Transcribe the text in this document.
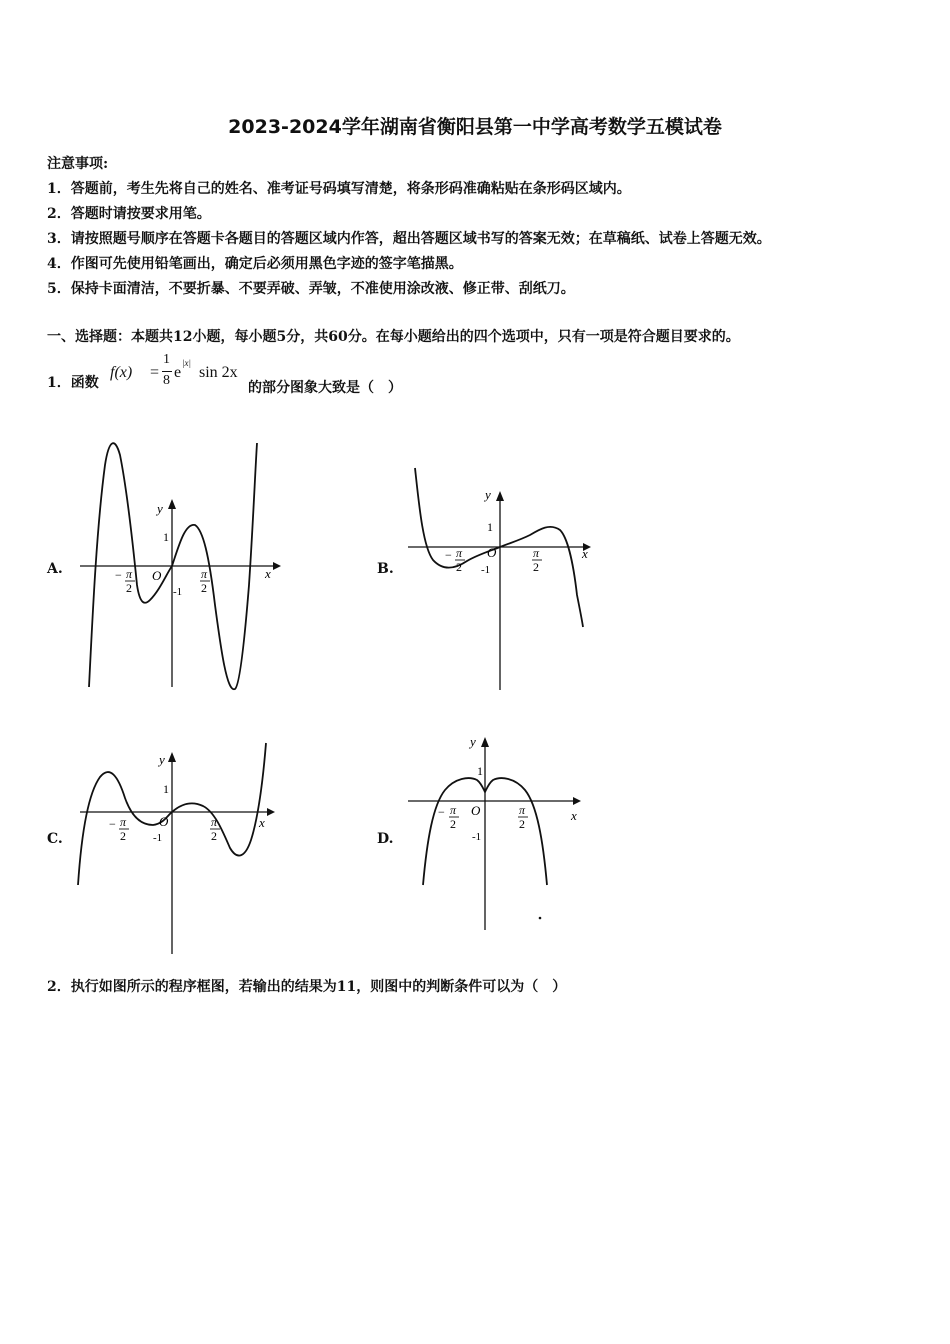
2023-2024学年湖南省衡阳县第一中学高考数学五模试卷
注意事项:
1．答题前，考生先将自己的姓名、准考证号码填写清楚，将条形码准确粘贴在条形码区域内。
2．答题时请按要求用笔。
3．请按照题号顺序在答题卡各题目的答题区域内作答，超出答题区域书写的答案无效；在草稿纸、试卷上答题无效。
4．作图可先使用铅笔画出，确定后必须用黑色字迹的签字笔描黑。
5．保持卡面清洁，不要折暴、不要弄破、弄皱，不准使用涂改液、修正带、刮纸刀。
一、选择题：本题共12小题，每小题5分，共60分。在每小题给出的四个选项中，只有一项是符合题目要求的。
1．函数
f(x) =
1
8 e
|x|
sin 2x
的部分图象大致是（　）
A.
y
x
O
1
-1
− π
2
π
2
B.
y
x
O
1
-1
− π
2
π
2
C.
y
x
O
1
-1
− π
2
π
2	D.
y
x
O
1
-1
− π
2
π
2
2．执行如图所示的程序框图，若输出的结果为11，则图中的判断条件可以为（　）
